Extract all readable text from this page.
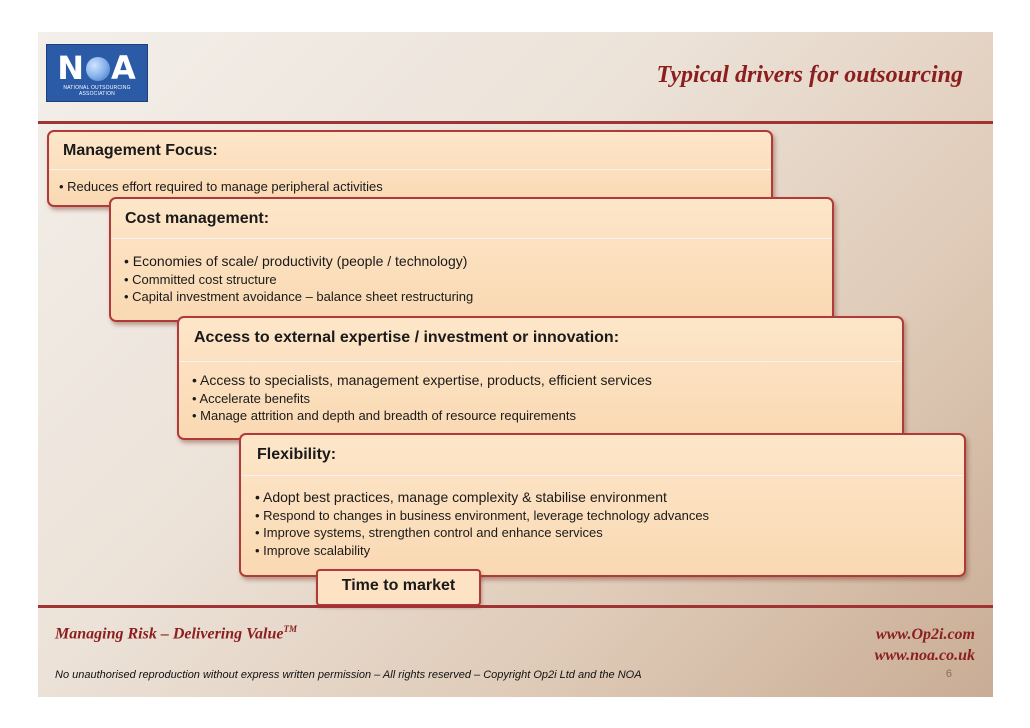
N A
NATIONAL OUTSOURCING ASSOCIATION
Typical drivers for outsourcing
Management Focus:
• Reduces effort required to manage peripheral activities
Cost management:
• Economies of scale/ productivity (people / technology)
• Committed cost structure
• Capital investment avoidance – balance sheet restructuring
Access to external expertise / investment or innovation:
• Access to specialists, management expertise, products, efficient services
• Accelerate benefits
• Manage attrition and depth and breadth of resource requirements
Flexibility:
• Adopt best practices, manage complexity & stabilise environment
• Respond to changes in business environment, leverage technology advances
• Improve systems, strengthen control and enhance services
• Improve scalability
Time to market
Managing Risk – Delivering Value™	www.Op2i.com
www.noa.co.uk
No unauthorised reproduction without express written permission – All rights reserved – Copyright Op2i Ltd and the NOA	6
